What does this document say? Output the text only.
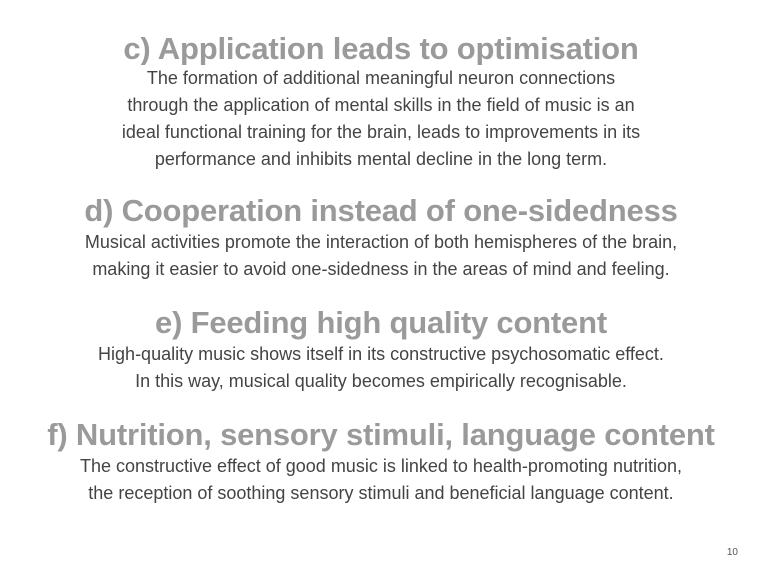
c) Application leads to optimisation
The formation of additional meaningful neuron connections
through the application of mental skills in the field of music is an
ideal functional training for the brain, leads to improvements in its
performance and inhibits mental decline in the long term.
d) Cooperation instead of one-sidedness
Musical activities promote the interaction of both hemispheres of the brain,
making it easier to avoid one-sidedness in the areas of mind and feeling.
e) Feeding high quality content
High-quality music shows itself in its constructive psychosomatic effect.
In this way, musical quality becomes empirically recognisable.
f) Nutrition, sensory stimuli, language content
The constructive effect of good music is linked to health-promoting nutrition,
the reception of soothing sensory stimuli and beneficial language content.
10
